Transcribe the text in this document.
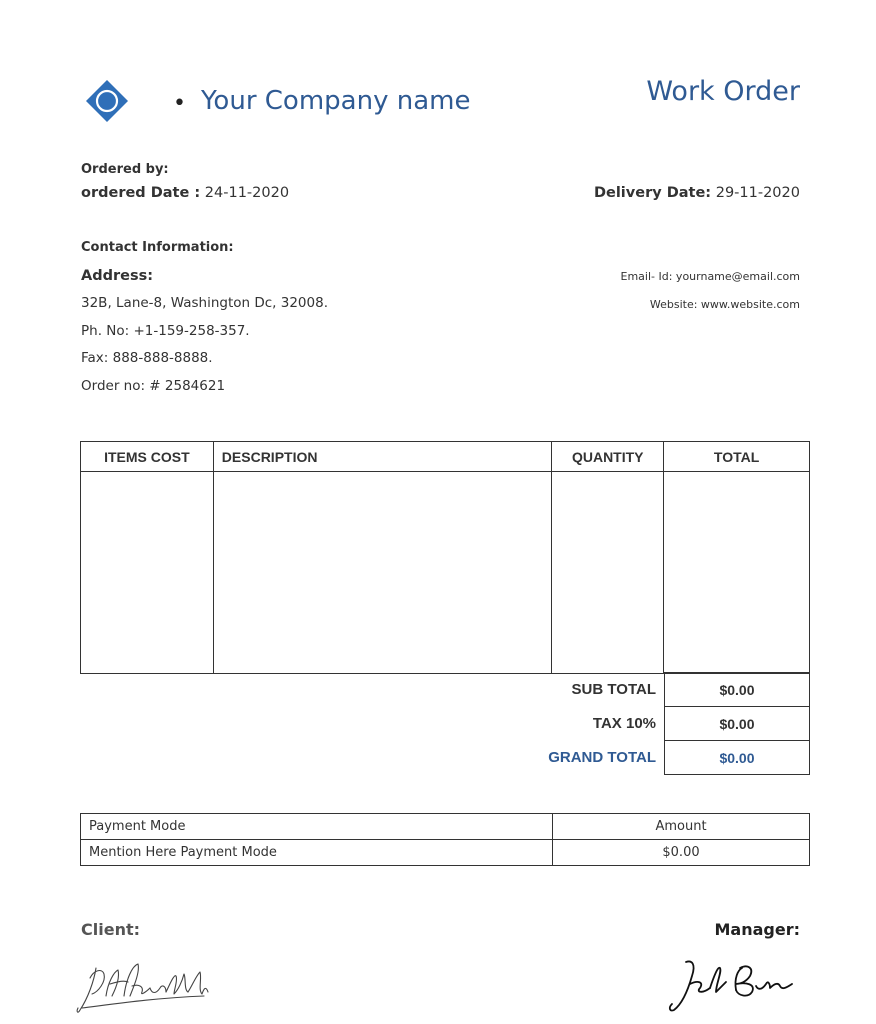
• Your Company name	Work Order
Ordered by:
ordered Date : 24-11-2020	Delivery Date: 29-11-2020
Contact Information:
Address:
32B, Lane-8, Washington Dc, 32008.
Ph. No: +1-159-258-357.
Fax: 888-888-8888.
Order no: # 2584621
Email- Id: yourname@email.com
Website: www.website.com
ITEMS COST	DESCRIPTION	QUANTITY	TOTAL

SUB TOTAL	$0.00
TAX 10%	$0.00
GRAND TOTAL	$0.00
Payment Mode	Amount
Mention Here Payment Mode	$0.00
Client:	Manager:
